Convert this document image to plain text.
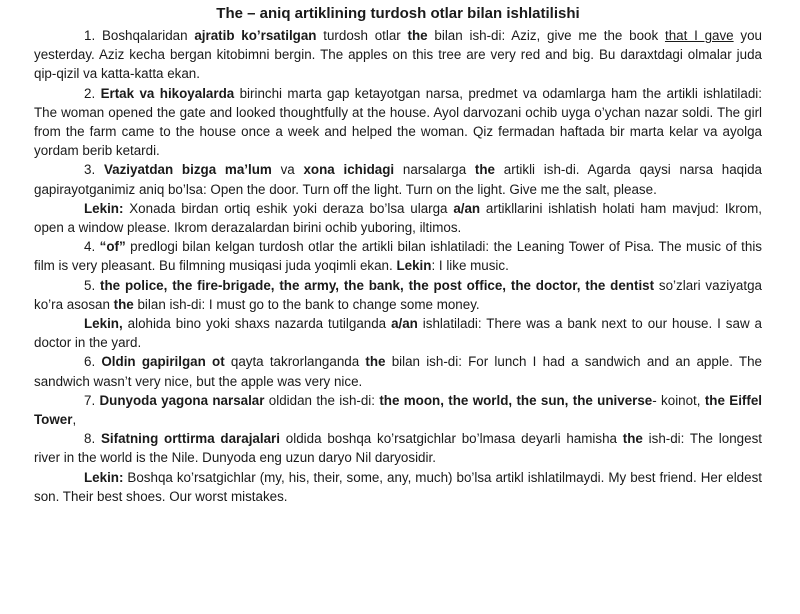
The – aniq artiklining turdosh otlar bilan ishlatilishi

1. Boshqalaridan ajratib ko’rsatilgan turdosh otlar the bilan ish-di: Aziz, give me the book that I gave you yesterday. Aziz kecha bergan kitobimni bergin. The apples on this tree are very red and big. Bu daraxtdagi olmalar juda qip-qizil va katta-katta ekan.

2. Ertak va hikoyalarda birinchi marta gap ketayotgan narsa, predmet va odamlarga ham the artikli ishlatiladi: The woman opened the gate and looked thoughtfully at the house. Ayol darvozani ochib uyga o’ychan nazar soldi. The girl from the farm came to the house once a week and helped the woman. Qiz fermadan haftada bir marta kelar va ayolga yordam berib ketardi.

3. Vaziyatdan bizga ma’lum va xona ichidagi narsalarga the artikli ish-di. Agarda qaysi narsa haqida gapirayotganimiz aniq bo’lsa: Open the door. Turn off the light. Turn on the light. Give me the salt, please.

Lekin: Xonada birdan ortiq eshik yoki deraza bo’lsa ularga a/an artikllarini ishlatish holati ham mavjud: Ikrom, open a window please. Ikrom derazalardan birini ochib yuboring, iltimos.

4. “of” predlogi bilan kelgan turdosh otlar the artikli bilan ishlatiladi: the Leaning Tower of Pisa. The music of this film is very pleasant. Bu filmning musiqasi juda yoqimli ekan. Lekin: I like music.

5. the police, the fire-brigade, the army, the bank, the post office, the doctor, the dentist so’zlari vaziyatga ko’ra asosan the bilan ish-di: I must go to the bank to change some money.

Lekin, alohida bino yoki shaxs nazarda tutilganda a/an ishlatiladi: There was a bank next to our house. I saw a doctor in the yard.

6. Oldin gapirilgan ot qayta takrorlanganda the bilan ish-di: For lunch I had a sandwich and an apple. The sandwich wasn’t very nice, but the apple was very nice.

7. Dunyoda yagona narsalar oldidan the ish-di: the moon, the world, the sun, the universe- koinot, the Eiffel Tower,

8. Sifatning orttirma darajalari oldida boshqa ko’rsatgichlar bo’lmasa deyarli hamisha the ish-di: The longest river in the world is the Nile. Dunyoda eng uzun daryo Nil daryosidir.

Lekin: Boshqa ko’rsatgichlar (my, his, their, some, any, much) bo’lsa artikl ishlatilmaydi. My best friend. Her eldest son. Their best shoes. Our worst mistakes.
